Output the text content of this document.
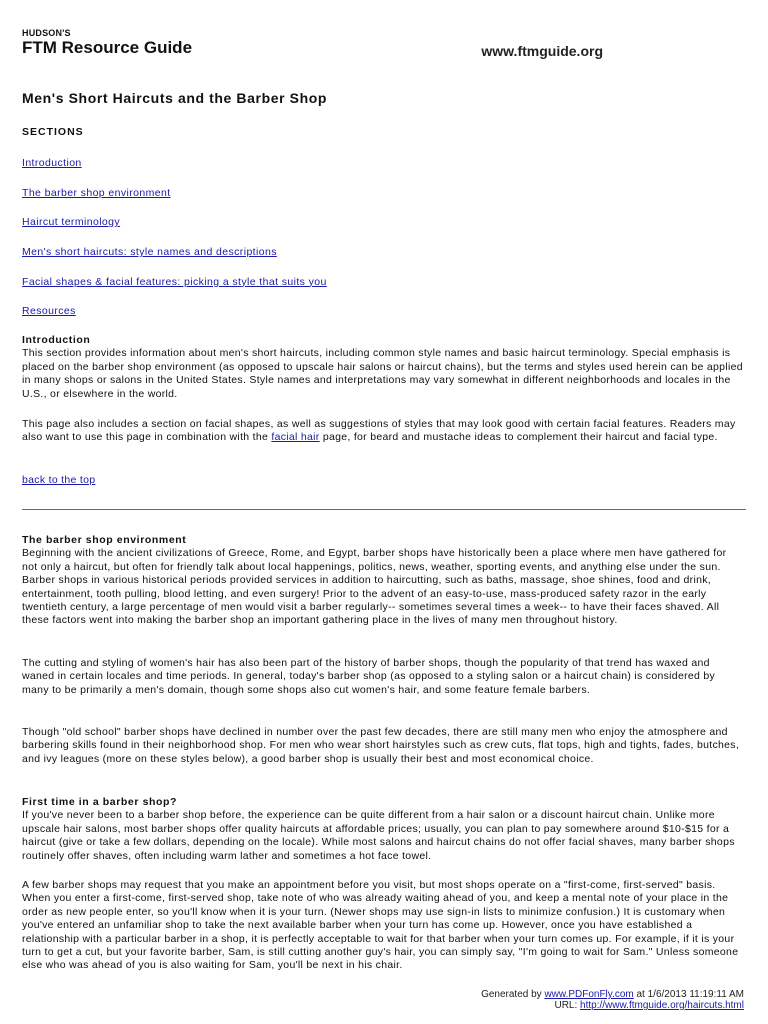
HUDSON'S
FTM Resource Guide	www.ftmguide.org
Men's Short Haircuts and the Barber Shop
SECTIONS
Introduction
The barber shop environment
Haircut terminology
Men's short haircuts: style names and descriptions
Facial shapes & facial features: picking a style that suits you
Resources
Introduction

This section provides information about men's short haircuts, including common style names and basic haircut terminology. Special emphasis is placed on the barber shop environment (as opposed to upscale hair salons or haircut chains), but the terms and styles used herein can be applied in many shops or salons in the United States. Style names and interpretations may vary somewhat in different neighborhoods and locales in the U.S., or elsewhere in the world.

This page also includes a section on facial shapes, as well as suggestions of styles that may look good with certain facial features. Readers may also want to use this page in combination with the facial hair page, for beard and mustache ideas to complement their haircut and facial type.
back to the top
The barber shop environment

Beginning with the ancient civilizations of Greece, Rome, and Egypt, barber shops have historically been a place where men have gathered for not only a haircut, but often for friendly talk about local happenings, politics, news, weather, sporting events, and anything else under the sun. Barber shops in various historical periods provided services in addition to haircutting, such as baths, massage, shoe shines, food and drink, entertainment, tooth pulling, blood letting, and even surgery! Prior to the advent of an easy-to-use, mass-produced safety razor in the early twentieth century, a large percentage of men would visit a barber regularly-- sometimes several times a week-- to have their faces shaved. All these factors went into making the barber shop an important gathering place in the lives of many men throughout history.

The cutting and styling of women's hair has also been part of the history of barber shops, though the popularity of that trend has waxed and waned in certain locales and time periods. In general, today's barber shop (as opposed to a styling salon or a haircut chain) is considered by many to be primarily a men's domain, though some shops also cut women's hair, and some feature female barbers.

Though "old school" barber shops have declined in number over the past few decades, there are still many men who enjoy the atmosphere and barbering skills found in their neighborhood shop. For men who wear short hairstyles such as crew cuts, flat tops, high and tights, fades, butches, and ivy leagues (more on these styles below), a good barber shop is usually their best and most economical choice.

First time in a barber shop?

If you've never been to a barber shop before, the experience can be quite different from a hair salon or a discount haircut chain. Unlike more upscale hair salons, most barber shops offer quality haircuts at affordable prices; usually, you can plan to pay somewhere around $10-$15 for a haircut (give or take a few dollars, depending on the locale). While most salons and haircut chains do not offer facial shaves, many barber shops routinely offer shaves, often including warm lather and sometimes a hot face towel.

A few barber shops may request that you make an appointment before you visit, but most shops operate on a "first-come, first-served" basis. When you enter a first-come, first-served shop, take note of who was already waiting ahead of you, and keep a mental note of your place in the order as new people enter, so you'll know when it is your turn. (Newer shops may use sign-in lists to minimize confusion.) It is customary when you've entered an unfamiliar shop to take the next available barber when your turn has come up. However, once you have established a relationship with a particular barber in a shop, it is perfectly acceptable to wait for that barber when your turn comes up. For example, if it is your turn to get a cut, but your favorite barber, Sam, is still cutting another guy's hair, you can simply say, "I'm going to wait for Sam." Unless someone else who was ahead of you is also waiting for Sam, you'll be next in his chair.

Generated by www.PDFonFly.com at 1/6/2013 11:19:11 AM
URL: http://www.ftmguide.org/haircuts.html
